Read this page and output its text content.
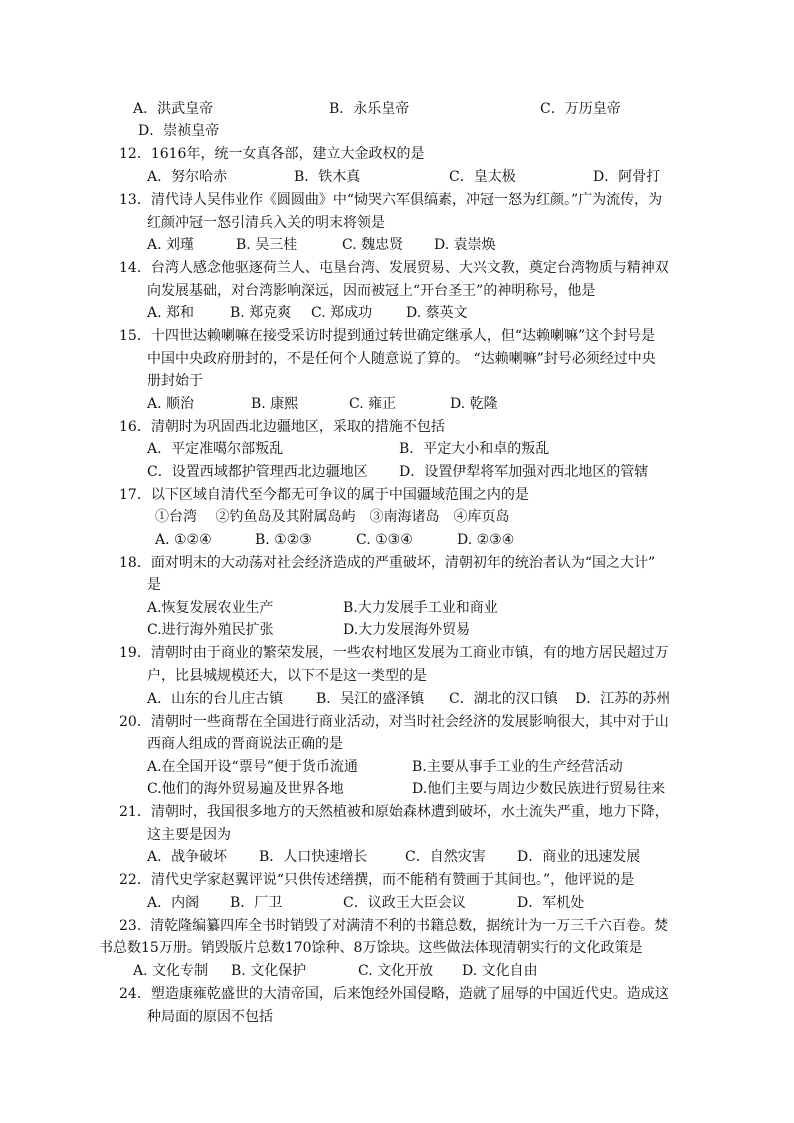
A．洪武皇帝	B．永乐皇帝	C．万历皇帝
D．崇祯皇帝
12．1616年，统一女真各部，建立大金政权的是
A．努尔哈赤	B．铁木真	C．皇太极	D．阿骨打
13．清代诗人吴伟业作《圆圆曲》中“恸哭六军俱缟素，冲冠一怒为红颜。”广为流传，为
红颜冲冠一怒引清兵入关的明末将领是
A. 刘瑾	B. 吴三桂	C. 魏忠贤 D. 袁崇焕
14．台湾人感念他驱逐荷兰人、屯垦台湾、发展贸易、大兴文教，奠定台湾物质与精神双
向发展基础，对台湾影响深远，因而被冠上“开台圣王”的神明称号，他是
A. 郑和	B. 郑克爽 C. 郑成功 D. 蔡英文
15．十四世达赖喇嘛在接受采访时提到通过转世确定继承人，但“达赖喇嘛”这个封号是
中国中央政府册封的，不是任何个人随意说了算的。 “达赖喇嘛”封号必须经过中央
册封始于
A. 顺治	B. 康熙	C. 雍正	D. 乾隆
16．清朝时为巩固西北边疆地区，采取的措施不包括
A．平定准噶尔部叛乱	B．平定大小和卓的叛乱
C．设置西域都护管理西北边疆地区 D．设置伊犁将军加强对西北地区的管辖
17．以下区域自清代至今都无可争议的属于中国疆域范围之内的是
①台湾　 ②钓鱼岛及其附属岛屿　③南海诸岛　④库页岛
A. ①②④	B. ①②③	C. ①③④	D. ②③④
18．面对明末的大动荡对社会经济造成的严重破坏，清朝初年的统治者认为“国之大计”
是
A.恢复发展农业生产	B.大力发展手工业和商业
C.进行海外殖民扩张	D.大力发展海外贸易
19．清朝时由于商业的繁荣发展，一些农村地区发展为工商业市镇，有的地方居民超过万
户，比县城规模还大，以下不是这一类型的是
A．山东的台儿庄古镇 B．吴江的盛泽镇 C．湖北的汉口镇 D．江苏的苏州
20．清朝时一些商帮在全国进行商业活动，对当时社会经济的发展影响很大，其中对于山
西商人组成的晋商说法正确的是
A.在全国开设“票号”便于货币流通	B.主要从事手工业的生产经营活动
C.他们的海外贸易遍及世界各地	D.他们主要与周边少数民族进行贸易往来
21．清朝时，我国很多地方的天然植被和原始森林遭到破坏，水土流失严重，地力下降，
这主要是因为
A．战争破坏 B．人口快速增长	C．自然灾害 D．商业的迅速发展
22．清代史学家赵翼评说“只供传述缮撰，而不能稍有赞画于其间也。”，他评说的是
A．内阁 B．厂卫	C．议政王大臣会议	D．军机处
23.  清乾隆编纂四库全书时销毁了对满清不利的书籍总数，据统计为一万三千六百卷。焚
书总数15万册。销毁版片总数170馀种、8万馀块。这些做法体现清朝实行的文化政策是
A. 文化专制 B. 文化保护	C. 文化开放 D. 文化自由
24．塑造康雍乾盛世的大清帝国，后来饱经外国侵略，造就了屈辱的中国近代史。造成这
种局面的原因不包括
